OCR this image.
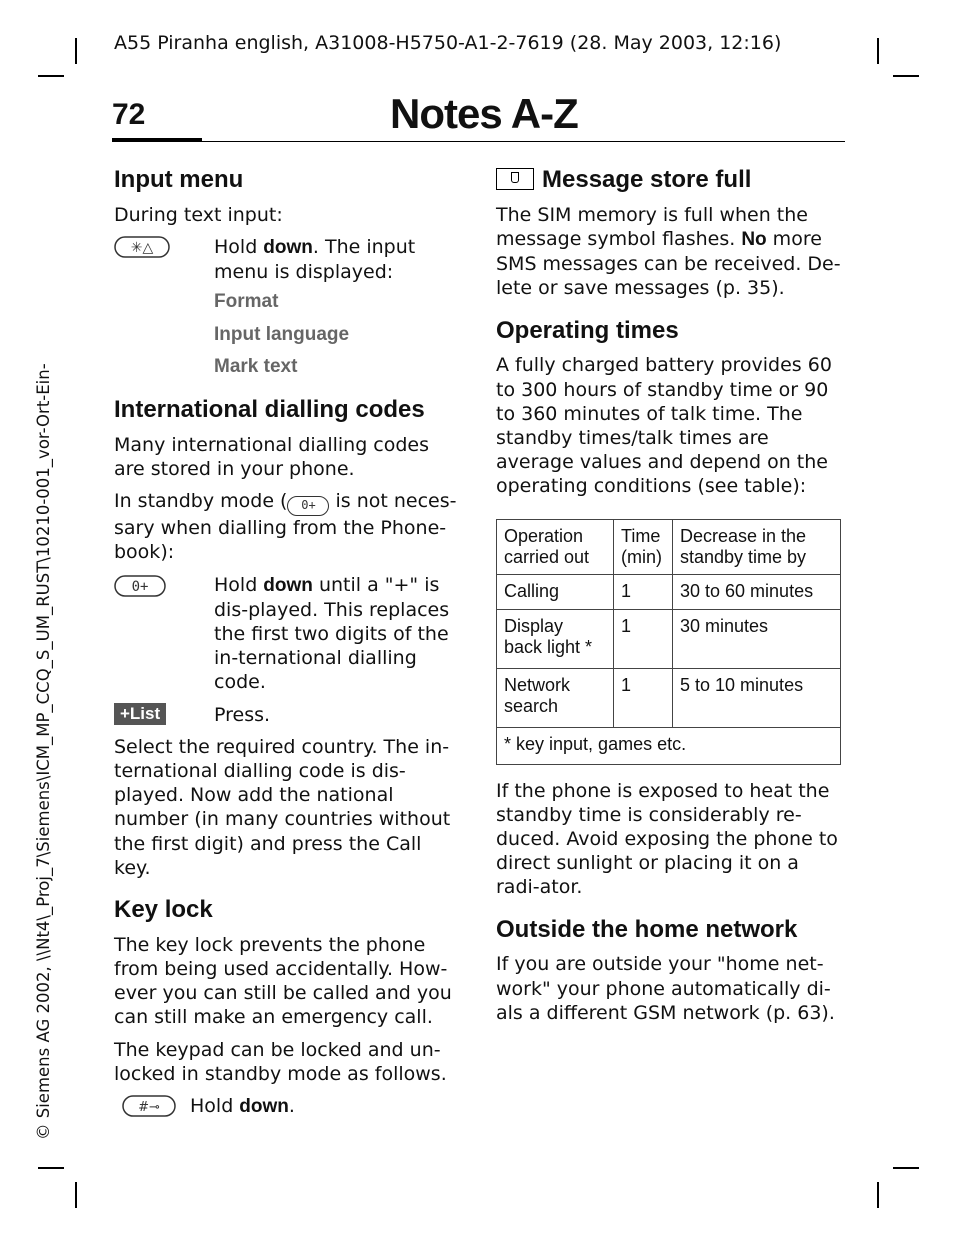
A55 Piranha english, A31008-H5750-A1-2-7619 (28. May 2003, 12:16)
© Siemens AG 2002, \\Nt4\_Proj_7\Siemens\ICM_MP_CCQ_S_UM_RUST\10210-001_vor-Ort-Ein-
72	Notes A-Z
Input menu

During text input:

✳△	Hold down. The input menu is displayed:
Format
Input language
Mark text
International dialling codes

Many international dialling codes are stored in your phone.

In standby mode ( 0+ is not neces-sary when dialling from the Phone-book):

0+	Hold down until a "+" is dis-played. This replaces the first two digits of the in-ternational dialling code.
+List	Press.

Select the required country. The in-ternational dialling code is dis-played. Now add the national number (in many countries without the first digit) and press the Call key.

Key lock

The key lock prevents the phone from being used accidentally. How-ever you can still be called and you can still make an emergency call.

The keypad can be locked and un-locked in standby mode as follows.

#⊸ Hold down.
Message store full

The SIM memory is full when the message symbol flashes. No more SMS messages can be received. De-lete or save messages (p. 35).

Operating times

A fully charged battery provides 60 to 300 hours of standby time or 90 to 360 minutes of talk time. The standby times/talk times are average values and depend on the operating conditions (see table):

Operation carried out	Time (min)	Decrease in the standby time by
Calling	1	30 to 60 minutes
Display back light *	1	30 minutes
Network search	1	5 to 10 minutes
* key input, games etc.		

If the phone is exposed to heat the standby time is considerably re-duced. Avoid exposing the phone to direct sunlight or placing it on a radi-ator.

Outside the home network

If you are outside your "home net-work" your phone automatically di-als a different GSM network (p. 63).
